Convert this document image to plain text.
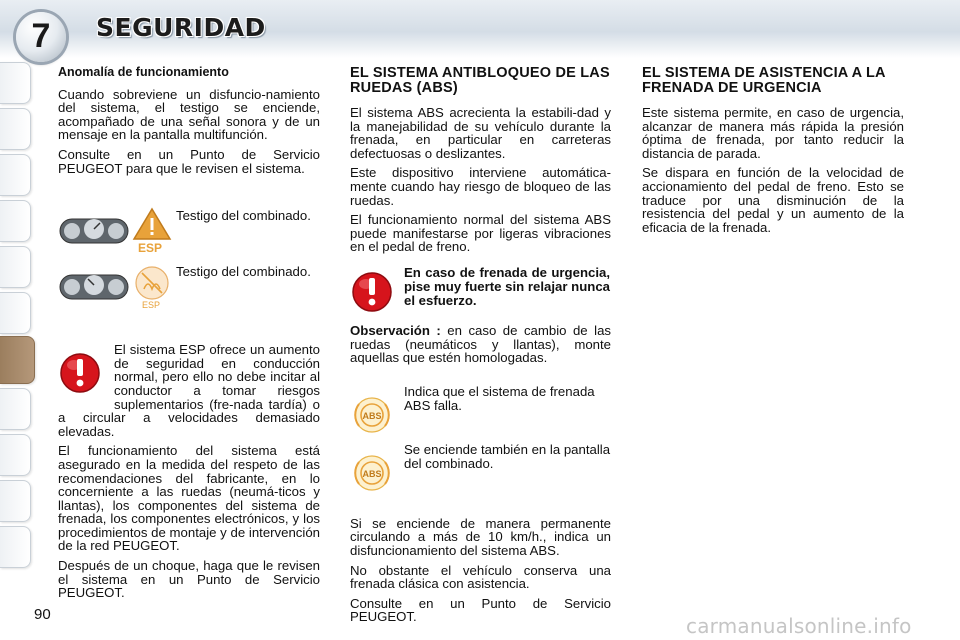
7 SEGURIDAD
Anomalía de funcionamiento

Cuando sobreviene un disfuncio-namiento del sistema, el testigo se enciende, acompañado de una señal sonora y de un mensaje en la pantalla multifunción.

Consulte en un Punto de Servicio PEUGEOT para que le revisen el sistema.

ESP
Testigo del combinado.
ESP
Testigo del combinado.

El sistema ESP ofrece un aumento de seguridad en conducción normal, pero ello no debe incitar al conductor a tomar riesgos suplementarios (fre-nada tardía) o a circular a velocidades demasiado elevadas.

El funcionamiento del sistema está asegurado en la medida del respeto de las recomendaciones del fabricante, en lo concerniente a las ruedas (neumá-ticos y llantas), los componentes del sistema de frenada, los componentes electrónicos, y los procedimientos de montaje y de intervención de la red PEUGEOT.

Después de un choque, haga que le revisen el sistema en un Punto de Servicio PEUGEOT.

EL SISTEMA ANTIBLOQUEO DE LAS RUEDAS (ABS)

El sistema ABS acrecienta la estabili-dad y la manejabilidad de su vehículo durante la frenada, en particular en carreteras defectuosas o deslizantes.

Este dispositivo interviene automática-mente cuando hay riesgo de bloqueo de las ruedas.

El funcionamiento normal del sistema ABS puede manifestarse por ligeras vibraciones en el pedal de freno.

En caso de frenada de urgencia, pise muy fuerte sin relajar nunca el esfuerzo.

Observación : en caso de cambio de las ruedas (neumáticos y llantas), monte aquellas que estén homologadas.

ABS
Indica que el sistema de frenada ABS falla.
ABS
Se enciende también en la pantalla del combinado.

Si se enciende de manera permanente circulando a más de 10 km/h., indica un disfuncionamiento del sistema ABS.

No obstante el vehículo conserva una frenada clásica con asistencia.

Consulte en un Punto de Servicio PEUGEOT.

EL SISTEMA DE ASISTENCIA A LA FRENADA DE URGENCIA

Este sistema permite, en caso de urgencia, alcanzar de manera más rápida la presión óptima de frenada, por tanto reducir la distancia de parada.

Se dispara en función de la velocidad de accionamiento del pedal de freno. Esto se traduce por una disminución de la resistencia del pedal y un aumento de la eficacia de la frenada.

90	carmanualsonline.info
